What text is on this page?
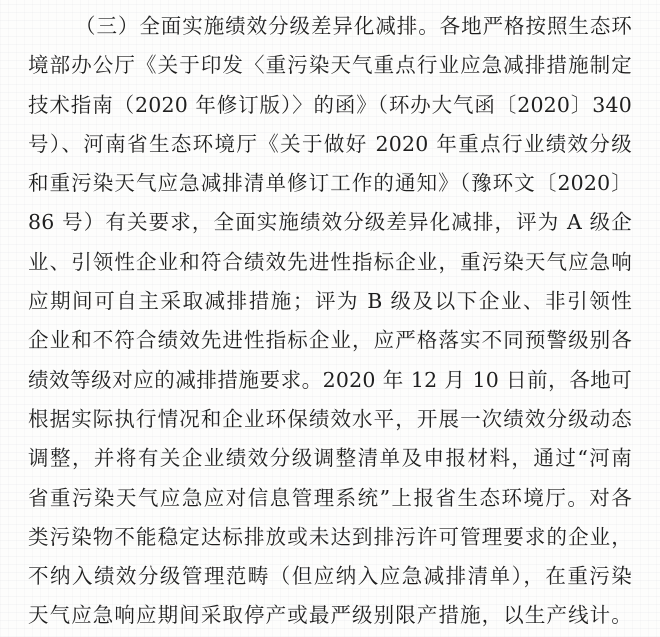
（三）全面实施绩效分级差异化减排。各地严格按照生态环
境部办公厅《关于印发〈重污染天气重点行业应急减排措施制定
技术指南（2020 年修订版）〉的函》（环办大气函〔2020〕340
号）、河南省生态环境厅《关于做好 2020 年重点行业绩效分级
和重污染天气应急减排清单修订工作的通知》（豫环文〔2020〕
86 号）有关要求，全面实施绩效分级差异化减排，评为 A 级企
业、引领性企业和符合绩效先进性指标企业，重污染天气应急响
应期间可自主采取减排措施；评为 B 级及以下企业、非引领性
企业和不符合绩效先进性指标企业，应严格落实不同预警级别各
绩效等级对应的减排措施要求。2020 年 12 月 10 日前，各地可
根据实际执行情况和企业环保绩效水平，开展一次绩效分级动态
调整，并将有关企业绩效分级调整清单及申报材料，通过“河南
省重污染天气应急应对信息管理系统”上报省生态环境厅。对各
类污染物不能稳定达标排放或未达到排污许可管理要求的企业，
不纳入绩效分级管理范畴（但应纳入应急减排清单），在重污染
天气应急响应期间采取停产或最严级别限产措施，以生产线计。
